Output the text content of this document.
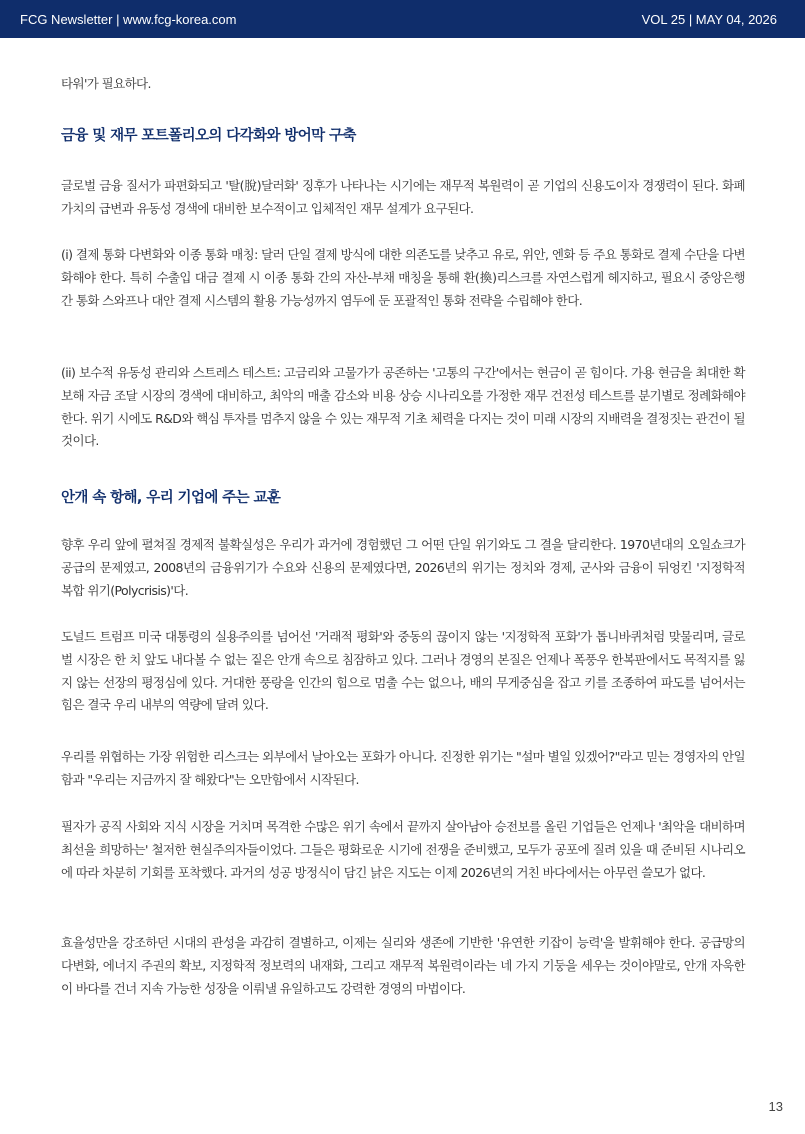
FCG Newsletter | www.fcg-korea.com	VOL 25 | MAY 04, 2026

타워'가 필요하다.

금융 및 재무 포트폴리오의 다각화와 방어막 구축

글로벌 금융 질서가 파편화되고 '탈(脫)달러화' 징후가 나타나는 시기에는 재무적 복원력이 곧 기업의 신용도이자 경쟁력이 된다. 화폐 가치의 급변과 유동성 경색에 대비한 보수적이고 입체적인 재무 설계가 요구된다.

(i) 결제 통화 다변화와 이종 통화 매칭: 달러 단일 결제 방식에 대한 의존도를 낮추고 유로, 위안, 엔화 등 주요 통화로 결제 수단을 다변화해야 한다. 특히 수출입 대금 결제 시 이종 통화 간의 자산-부채 매칭을 통해 환(換)리스크를 자연스럽게 헤지하고, 필요시 중앙은행 간 통화 스와프나 대안 결제 시스템의 활용 가능성까지 염두에 둔 포괄적인 통화 전략을 수립해야 한다.

(ii) 보수적 유동성 관리와 스트레스 테스트: 고금리와 고물가가 공존하는 '고통의 구간'에서는 현금이 곧 힘이다. 가용 현금을 최대한 확보해 자금 조달 시장의 경색에 대비하고, 최악의 매출 감소와 비용 상승 시나리오를 가정한 재무 건전성 테스트를 분기별로 정례화해야 한다. 위기 시에도 R&D와 핵심 투자를 멈추지 않을 수 있는 재무적 기초 체력을 다지는 것이 미래 시장의 지배력을 결정짓는 관건이 될 것이다.

안개 속 항해, 우리 기업에 주는 교훈

향후 우리 앞에 펼쳐질 경제적 불확실성은 우리가 과거에 경험했던 그 어떤 단일 위기와도 그 결을 달리한다. 1970년대의 오일쇼크가 공급의 문제였고, 2008년의 금융위기가 수요와 신용의 문제였다면, 2026년의 위기는 정치와 경제, 군사와 금융이 뒤엉킨 '지정학적 복합 위기(Polycrisis)'다.

도널드 트럼프 미국 대통령의 실용주의를 넘어선 '거래적 평화'와 중동의 끊이지 않는 '지정학적 포화'가 톱니바퀴처럼 맞물리며, 글로벌 시장은 한 치 앞도 내다볼 수 없는 짙은 안개 속으로 침잠하고 있다. 그러나 경영의 본질은 언제나 폭풍우 한복판에서도 목적지를 잃지 않는 선장의 평정심에 있다. 거대한 풍랑을 인간의 힘으로 멈출 수는 없으나, 배의 무게중심을 잡고 키를 조종하여 파도를 넘어서는 힘은 결국 우리 내부의 역량에 달려 있다.

우리를 위협하는 가장 위험한 리스크는 외부에서 날아오는 포화가 아니다. 진정한 위기는 "설마 별일 있겠어?"라고 믿는 경영자의 안일함과 "우리는 지금까지 잘 해왔다"는 오만함에서 시작된다.

필자가 공직 사회와 지식 시장을 거치며 목격한 수많은 위기 속에서 끝까지 살아남아 승전보를 올린 기업들은 언제나 '최악을 대비하며 최선을 희망하는' 철저한 현실주의자들이었다. 그들은 평화로운 시기에 전쟁을 준비했고, 모두가 공포에 질려 있을 때 준비된 시나리오에 따라 차분히 기회를 포착했다. 과거의 성공 방정식이 담긴 낡은 지도는 이제 2026년의 거친 바다에서는 아무런 쓸모가 없다.

효율성만을 강조하던 시대의 관성을 과감히 결별하고, 이제는 실리와 생존에 기반한 '유연한 키잡이 능력'을 발휘해야 한다. 공급망의 다변화, 에너지 주권의 확보, 지정학적 정보력의 내재화, 그리고 재무적 복원력이라는 네 가지 기둥을 세우는 것이야말로, 안개 자욱한 이 바다를 건너 지속 가능한 성장을 이뤄낼 유일하고도 강력한 경영의 마법이다.

13
